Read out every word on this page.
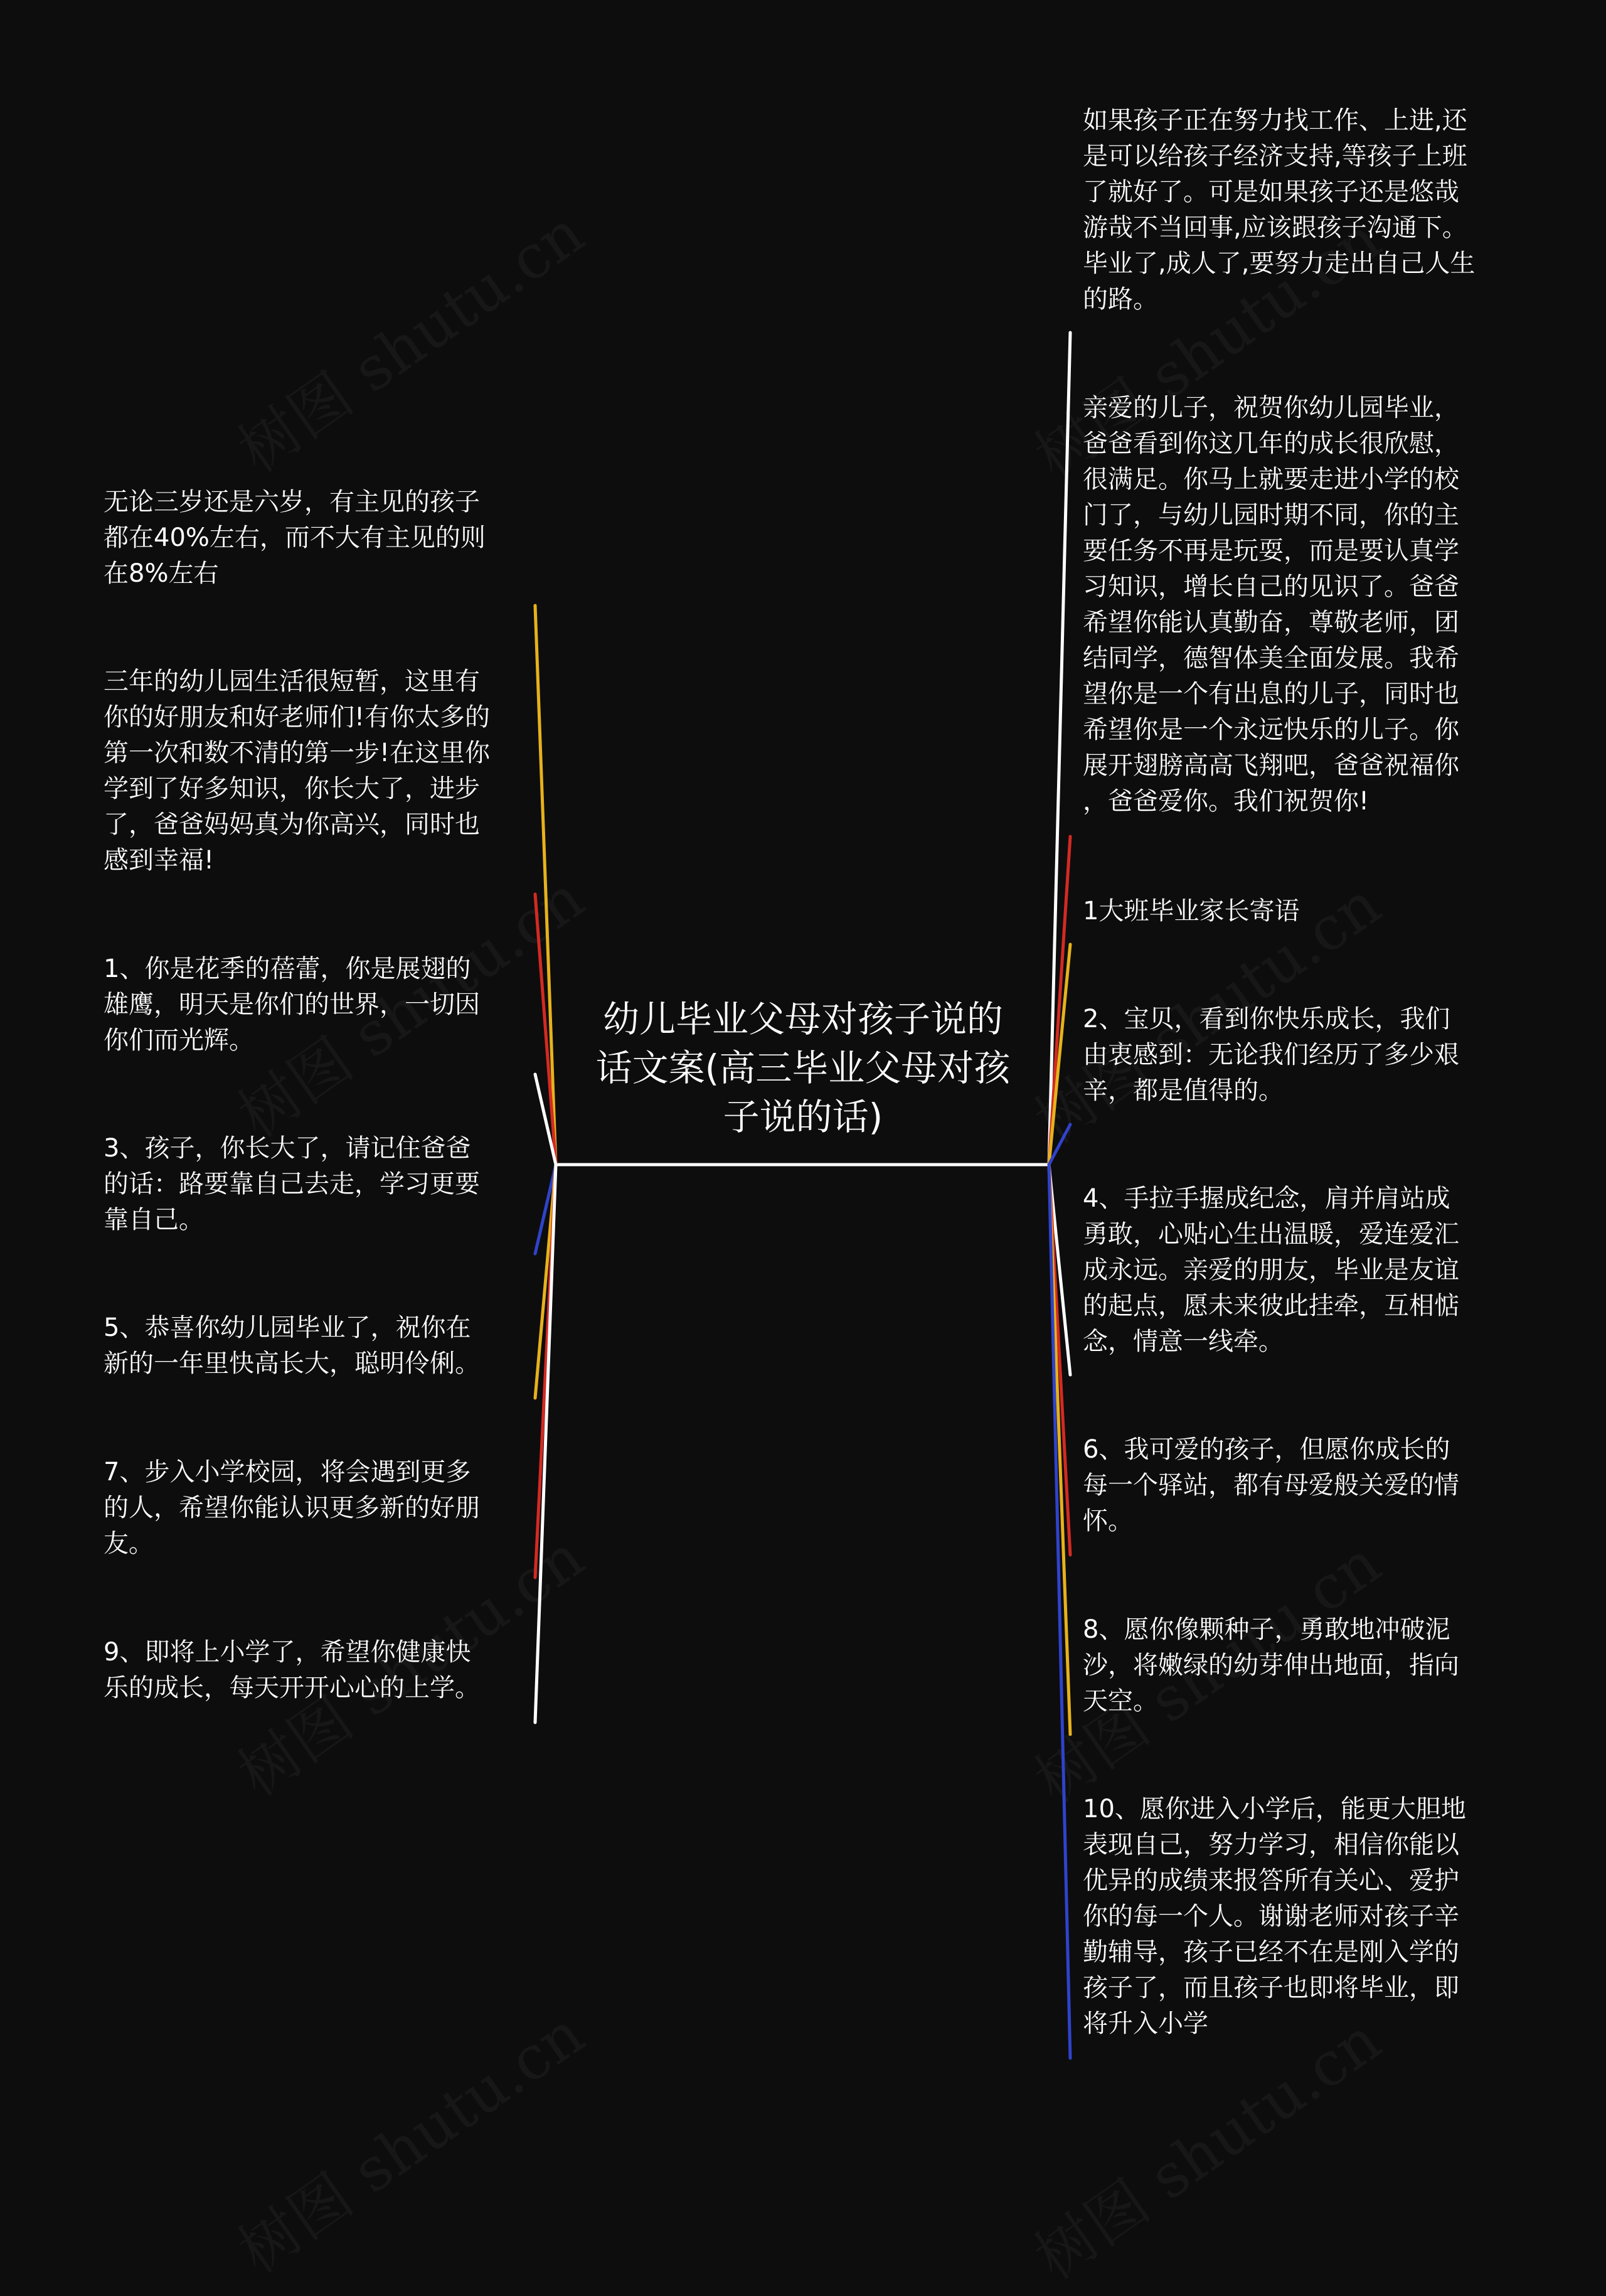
幼儿毕业父母对孩子说的 话文案(高三毕业父母对孩 子说的话)
无论三岁还是六岁，有主见的孩子
都在40%左右，而不大有主见的则
在8%左右
三年的幼儿园生活很短暂，这里有
你的好朋友和好老师们!有你太多的
第一次和数不清的第一步!在这里你
学到了好多知识，你长大了，进步
了，爸爸妈妈真为你高兴，同时也
感到幸福!
1、你是花季的蓓蕾，你是展翅的
雄鹰，明天是你们的世界，一切因
你们而光辉。
3、孩子，你长大了，请记住爸爸
的话：路要靠自己去走，学习更要
靠自己。
5、恭喜你幼儿园毕业了，祝你在
新的一年里快高长大，聪明伶俐。
7、步入小学校园，将会遇到更多
的人，希望你能认识更多新的好朋
友。
9、即将上小学了，希望你健康快
乐的成长，每天开开心心的上学。
如果孩子正在努力找工作、上进,还
是可以给孩子经济支持,等孩子上班
了就好了。可是如果孩子还是悠哉
游哉不当回事,应该跟孩子沟通下。
毕业了,成人了,要努力走出自己人生
的路。
亲爱的儿子，祝贺你幼儿园毕业，
爸爸看到你这几年的成长很欣慰，
很满足。你马上就要走进小学的校
门了，与幼儿园时期不同，你的主
要任务不再是玩耍，而是要认真学
习知识，增长自己的见识了。爸爸
希望你能认真勤奋，尊敬老师，团
结同学，德智体美全面发展。我希
望你是一个有出息的儿子，同时也
希望你是一个永远快乐的儿子。你
展开翅膀高高飞翔吧，爸爸祝福你
，爸爸爱你。我们祝贺你!
1大班毕业家长寄语
2、宝贝，看到你快乐成长，我们
由衷感到：无论我们经历了多少艰
辛，都是值得的。
4、手拉手握成纪念，肩并肩站成
勇敢，心贴心生出温暖，爱连爱汇
成永远。亲爱的朋友，毕业是友谊
的起点，愿未来彼此挂牵，互相惦
念，情意一线牵。
6、我可爱的孩子，但愿你成长的
每一个驿站，都有母爱般关爱的情
怀。
8、愿你像颗种子，勇敢地冲破泥
沙，将嫩绿的幼芽伸出地面，指向
天空。
10、愿你进入小学后，能更大胆地
表现自己，努力学习，相信你能以
优异的成绩来报答所有关心、爱护
你的每一个人。谢谢老师对孩子辛
勤辅导，孩子已经不在是刚入学的
孩子了，而且孩子也即将毕业，即
将升入小学
